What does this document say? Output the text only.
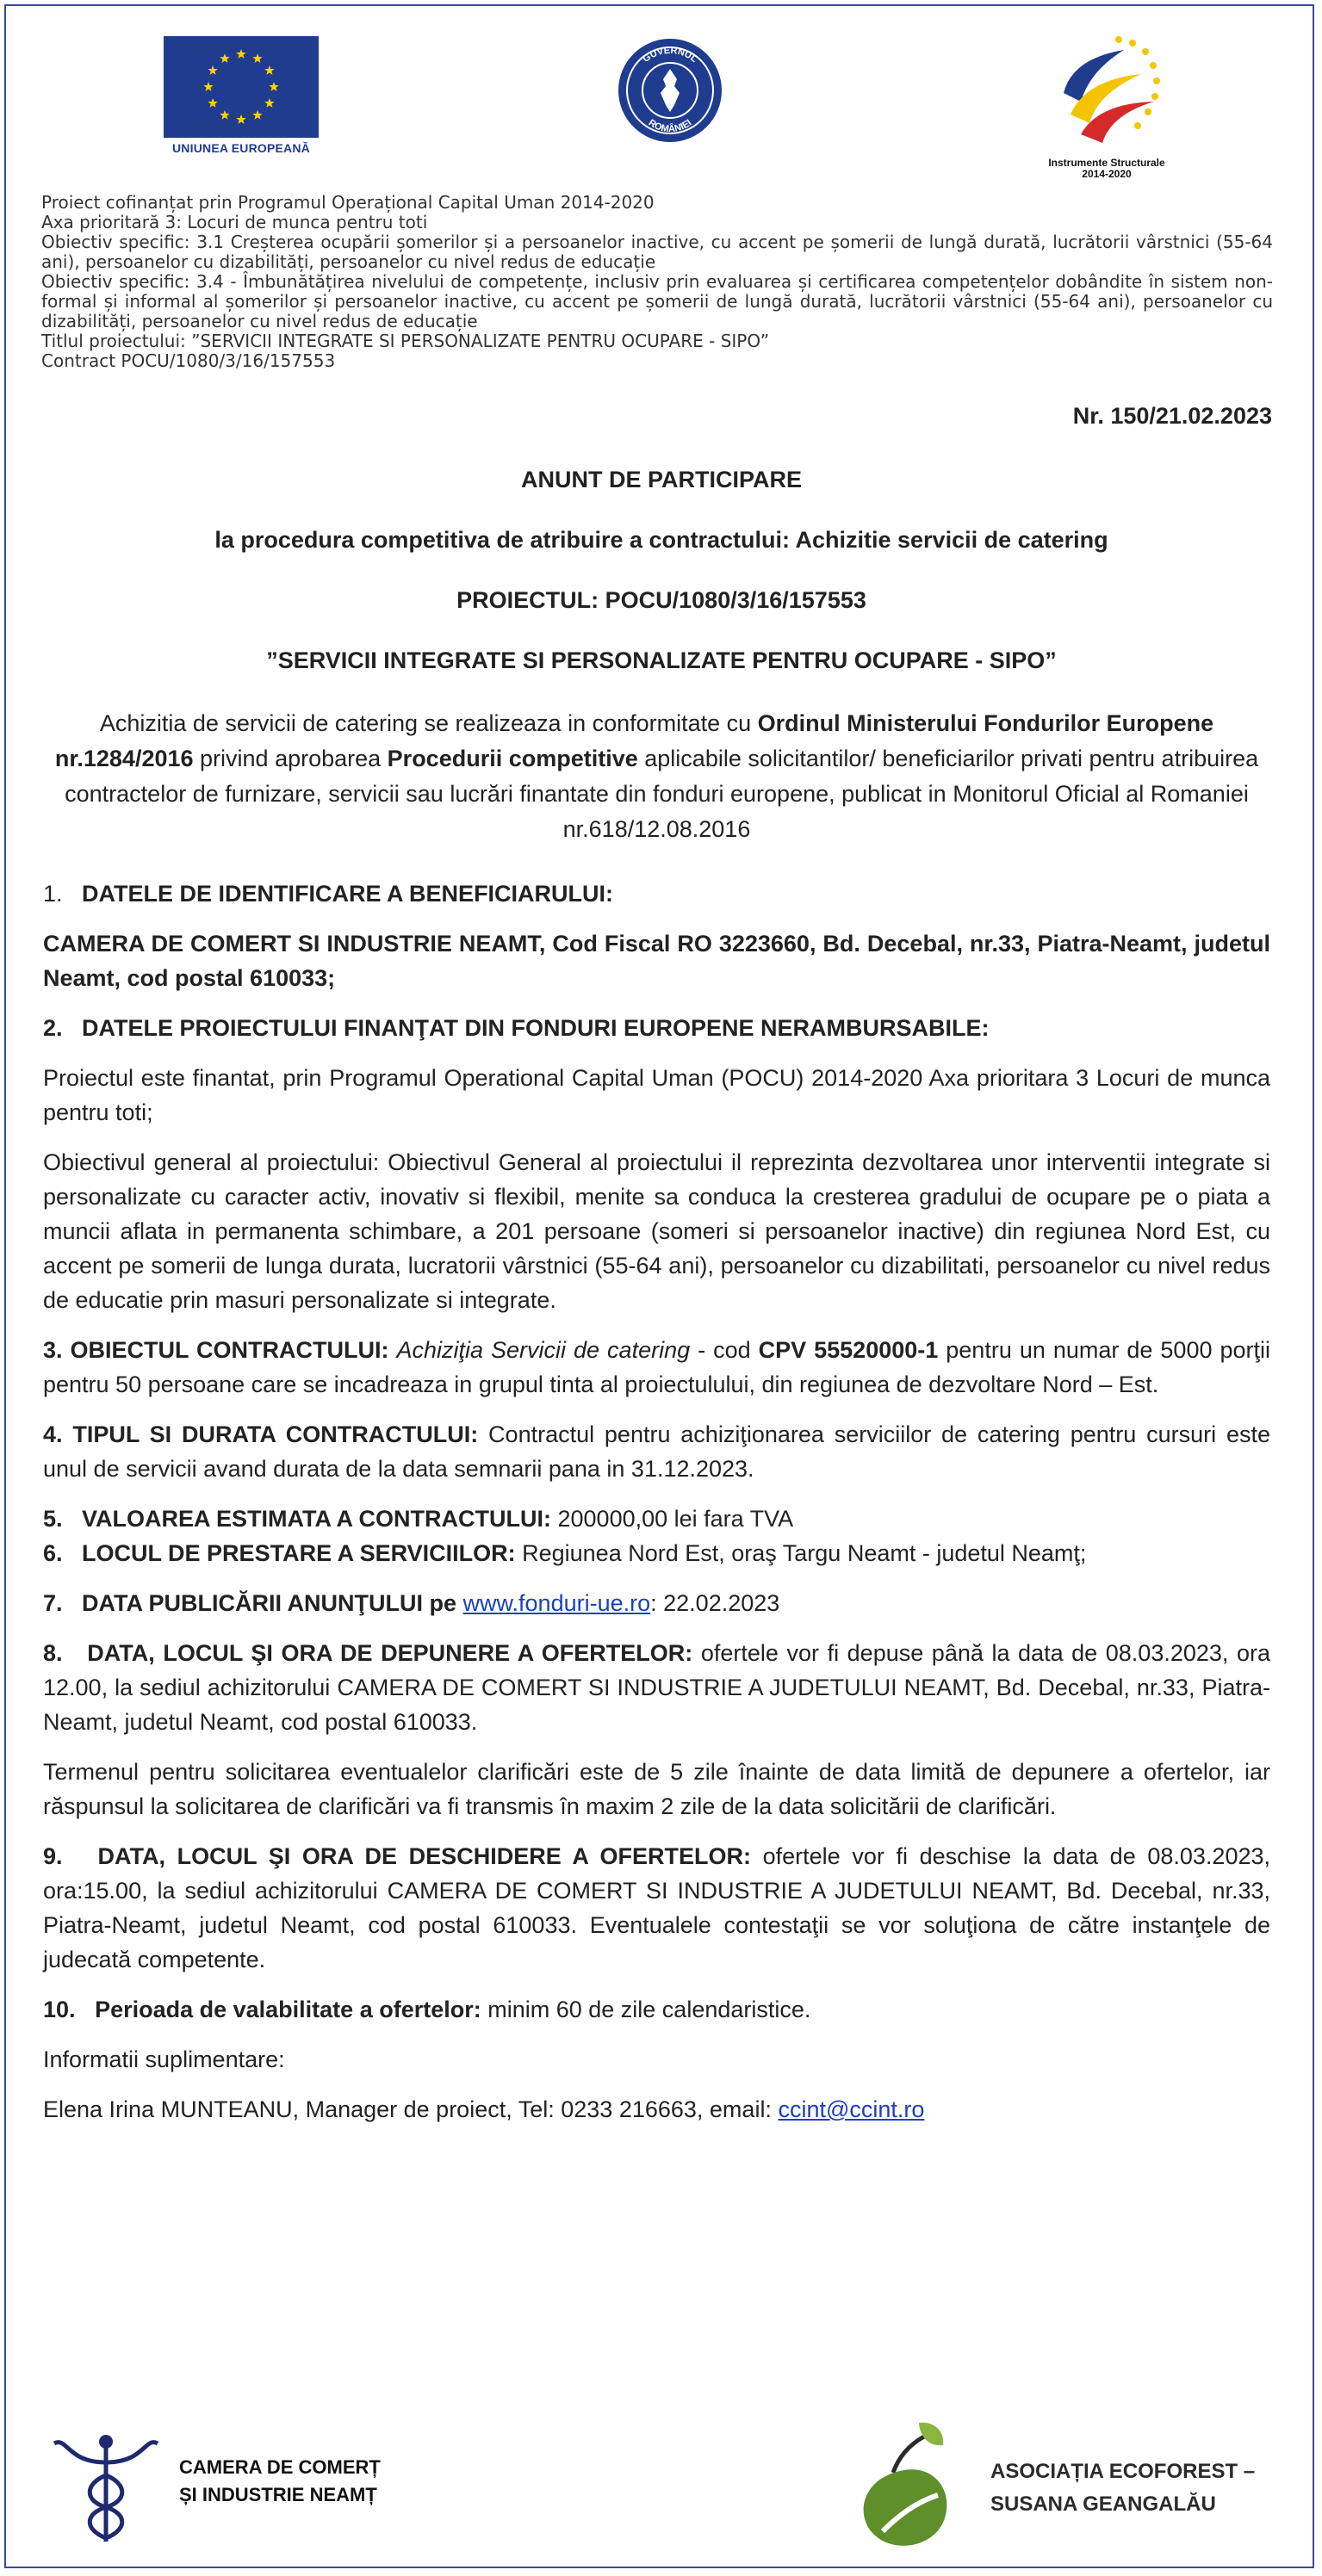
UNIUNEA EUROPEANĂ
GUVERNUL
ROMÂNIEI
Instrumente Structurale
2014-2020
Proiect cofinanțat prin Programul Operațional Capital Uman 2014-2020
Axa prioritară 3: Locuri de munca pentru toti
Obiectiv specific: 3.1 Creșterea ocupării șomerilor și a persoanelor inactive, cu accent pe șomerii de lungă durată, lucrătorii vârstnici (55-64 ani), persoanelor cu dizabilități, persoanelor cu nivel redus de educație
Obiectiv specific: 3.4 - Îmbunătățirea nivelului de competențe, inclusiv prin evaluarea și certificarea competențelor dobândite în sistem non-formal și informal al șomerilor și persoanelor inactive, cu accent pe șomerii de lungă durată, lucrătorii vârstnici (55-64 ani), persoanelor cu dizabilități, persoanelor cu nivel redus de educație
Titlul proiectului: ”SERVICII INTEGRATE SI PERSONALIZATE PENTRU OCUPARE - SIPO”
Contract POCU/1080/3/16/157553
Nr. 150/21.02.2023
ANUNT DE PARTICIPARE
la procedura competitiva de atribuire a contractului: Achizitie servicii de catering
PROIECTUL: POCU/1080/3/16/157553
”SERVICII INTEGRATE SI PERSONALIZATE PENTRU OCUPARE - SIPO”
Achizitia de servicii de catering se realizeaza in conformitate cu Ordinul Ministerului Fondurilor Europene nr.1284/2016 privind aprobarea Procedurii competitive aplicabile solicitantilor/ beneficiarilor privati pentru atribuirea contractelor de furnizare, servicii sau lucrări finantate din fonduri europene, publicat in Monitorul Oficial al Romaniei nr.618/12.08.2016

1. DATELE DE IDENTIFICARE A BENEFICIARULUI:

CAMERA DE COMERT SI INDUSTRIE NEAMT, Cod Fiscal RO 3223660, Bd. Decebal, nr.33, Piatra-Neamt, judetul Neamt, cod postal 610033;

2. DATELE PROIECTULUI FINANŢAT DIN FONDURI EUROPENE NERAMBURSABILE:

Proiectul este finantat, prin Programul Operational Capital Uman (POCU) 2014-2020 Axa prioritara 3 Locuri de munca pentru toti;

Obiectivul general al proiectului: Obiectivul General al proiectului il reprezinta dezvoltarea unor interventii integrate si personalizate cu caracter activ, inovativ si flexibil, menite sa conduca la cresterea gradului de ocupare pe o piata a muncii aflata in permanenta schimbare, a 201 persoane (someri si persoanelor inactive) din regiunea Nord Est, cu accent pe somerii de lunga durata, lucratorii vârstnici (55-64 ani), persoanelor cu dizabilitati, persoanelor cu nivel redus de educatie prin masuri personalizate si integrate.

3. OBIECTUL CONTRACTULUI: Achiziţia Servicii de catering - cod CPV 55520000-1 pentru un numar de 5000 porţii pentru 50 persoane care se incadreaza in grupul tinta al proiectulului, din regiunea de dezvoltare Nord – Est.

4. TIPUL SI DURATA CONTRACTULUI: Contractul pentru achiziţionarea serviciilor de catering pentru cursuri este unul de servicii avand durata de la data semnarii pana in 31.12.2023.

5. VALOAREA ESTIMATA A CONTRACTULUI: 200000,00 lei fara TVA

6. LOCUL DE PRESTARE A SERVICIILOR: Regiunea Nord Est, oraş Targu Neamt - judetul Neamţ;

7. DATA PUBLICĂRII ANUNŢULUI pe www.fonduri-ue.ro: 22.02.2023

8. DATA, LOCUL ŞI ORA DE DEPUNERE A OFERTELOR: ofertele vor fi depuse până la data de 08.03.2023, ora 12.00, la sediul achizitorului CAMERA DE COMERT SI INDUSTRIE A JUDETULUI NEAMT, Bd. Decebal, nr.33, Piatra-Neamt, judetul Neamt, cod postal 610033.

Termenul pentru solicitarea eventualelor clarificări este de 5 zile înainte de data limită de depunere a ofertelor, iar răspunsul la solicitarea de clarificări va fi transmis în maxim 2 zile de la data solicitării de clarificări.

9. DATA, LOCUL ŞI ORA DE DESCHIDERE A OFERTELOR: ofertele vor fi deschise la data de 08.03.2023, ora:15.00, la sediul achizitorului CAMERA DE COMERT SI INDUSTRIE A JUDETULUI NEAMT, Bd. Decebal, nr.33, Piatra-Neamt, judetul Neamt, cod postal 610033. Eventualele contestaţii se vor soluţiona de către instanţele de judecată competente.

10. Perioada de valabilitate a ofertelor: minim 60 de zile calendaristice.

Informatii suplimentare:

Elena Irina MUNTEANU, Manager de proiect, Tel: 0233 216663, email: ccint@ccint.ro

CAMERA DE COMERȚ
ȘI INDUSTRIE NEAMȚ
ASOCIAȚIA ECOFOREST –
SUSANA GEANGALĂU
